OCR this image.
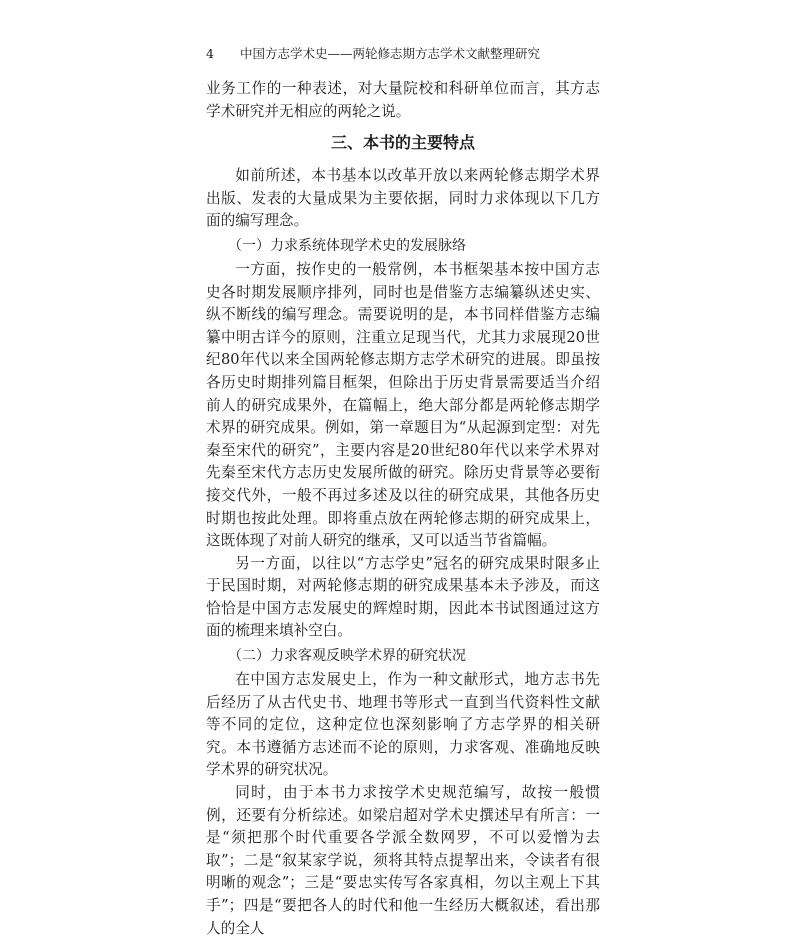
4 中国方志学术史——两轮修志期方志学术文献整理研究

业务工作的一种表述，对大量院校和科研单位而言，其方志学术研究并无相应的两轮之说。

三、本书的主要特点

如前所述，本书基本以改革开放以来两轮修志期学术界出版、发表的大量成果为主要依据，同时力求体现以下几方面的编写理念。

（一）力求系统体现学术史的发展脉络

一方面，按作史的一般常例，本书框架基本按中国方志史各时期发展顺序排列，同时也是借鉴方志编纂纵述史实、纵不断线的编写理念。需要说明的是，本书同样借鉴方志编纂中明古详今的原则，注重立足现当代，尤其力求展现20世纪80年代以来全国两轮修志期方志学术研究的进展。即虽按各历史时期排列篇目框架，但除出于历史背景需要适当介绍前人的研究成果外，在篇幅上，绝大部分都是两轮修志期学术界的研究成果。例如，第一章题目为“从起源到定型：对先秦至宋代的研究”，主要内容是20世纪80年代以来学术界对先秦至宋代方志历史发展所做的研究。除历史背景等必要衔接交代外，一般不再过多述及以往的研究成果，其他各历史时期也按此处理。即将重点放在两轮修志期的研究成果上，这既体现了对前人研究的继承，又可以适当节省篇幅。

另一方面，以往以“方志学史”冠名的研究成果时限多止于民国时期，对两轮修志期的研究成果基本未予涉及，而这恰恰是中国方志发展史的辉煌时期，因此本书试图通过这方面的梳理来填补空白。

（二）力求客观反映学术界的研究状况

在中国方志发展史上，作为一种文献形式，地方志书先后经历了从古代史书、地理书等形式一直到当代资料性文献等不同的定位，这种定位也深刻影响了方志学界的相关研究。本书遵循方志述而不论的原则，力求客观、准确地反映学术界的研究状况。

同时，由于本书力求按学术史规范编写，故按一般惯例，还要有分析综述。如梁启超对学术史撰述早有所言：一是“须把那个时代重要各学派全数网罗，不可以爱憎为去取”；二是“叙某家学说，须将其特点提挈出来，令读者有很明晰的观念”；三是“要忠实传写各家真相，勿以主观上下其手”；四是“要把各人的时代和他一生经历大概叙述，看出那人的全人
